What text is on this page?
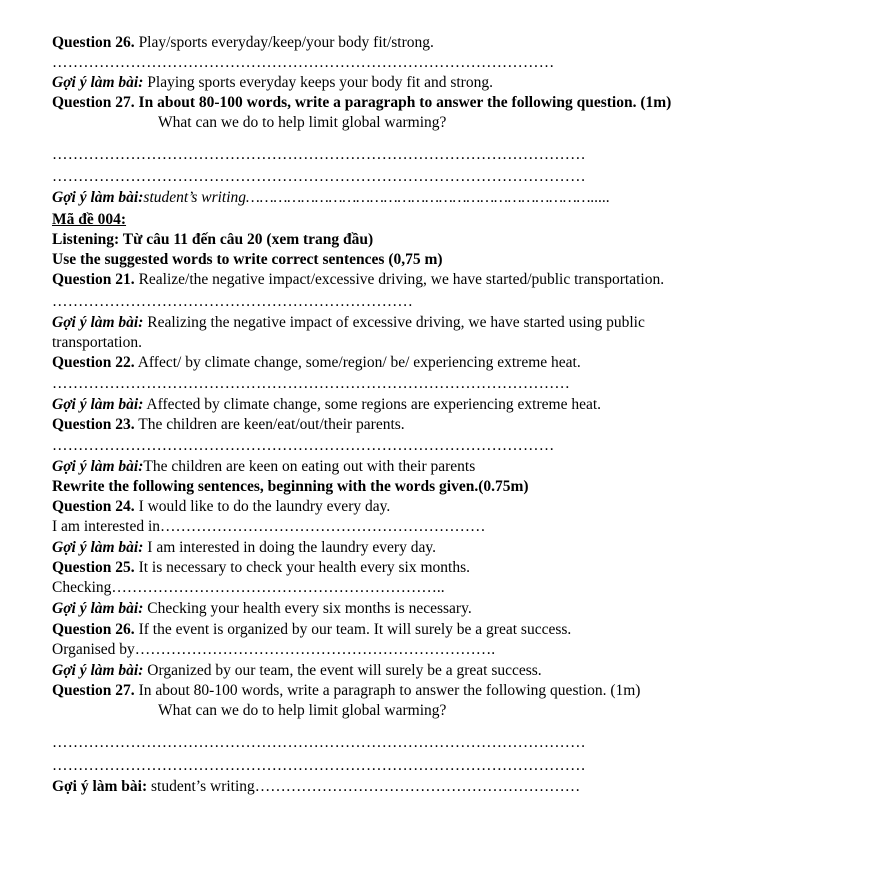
Question 26. Play/sports everyday/keep/your body fit/strong.
……………………………………………………………………………………
Gợi ý làm bài: Playing sports everyday keeps your body fit and strong.
Question 27. In about 80-100 words, write a paragraph to answer the following question. (1m)
What can we do to help limit global warming?
…………………………………………………………………………………………
…………………………………………………………………………………………
Gợi ý làm bài:student’s writing………………………………………………………………….....
Mã đề 004:
Listening: Từ câu 11 đến câu 20 (xem trang đầu)
Use the suggested words to write correct sentences (0,75 m)
Question 21. Realize/the negative impact/excessive driving, we have started/public transportation.
……………………………………………………………
Gợi ý làm bài: Realizing the negative impact of excessive driving, we have started using public
transportation.
Question 22. Affect/ by climate change, some/region/ be/ experiencing extreme heat.
………………………………………………………………………………………
Gợi ý làm bài: Affected by climate change, some regions are experiencing extreme heat.
Question 23. The children are keen/eat/out/their parents.
……………………………………………………………………………………
Gợi ý làm bài:The children are keen on eating out with their parents
Rewrite the following sentences, beginning with the words given.(0.75m)
Question 24. I would like to do the laundry every day.
I am interested in………………………………………………………
Gợi ý làm bài: I am interested in doing the laundry every day.
Question 25. It is necessary to check your health every six months.
Checking………………………………………………………..
Gợi ý làm bài: Checking your health every six months is necessary.
Question 26. If the event is organized by our team. It will surely be a great success.
Organised by…………………………………………………………….
Gợi ý làm bài: Organized by our team, the event will surely be a great success.
Question 27. In about 80-100 words, write a paragraph to answer the following question. (1m)
What can we do to help limit global warming?
…………………………………………………………………………………………
…………………………………………………………………………………………
Gợi ý làm bài: student’s writing………………………………………………………
